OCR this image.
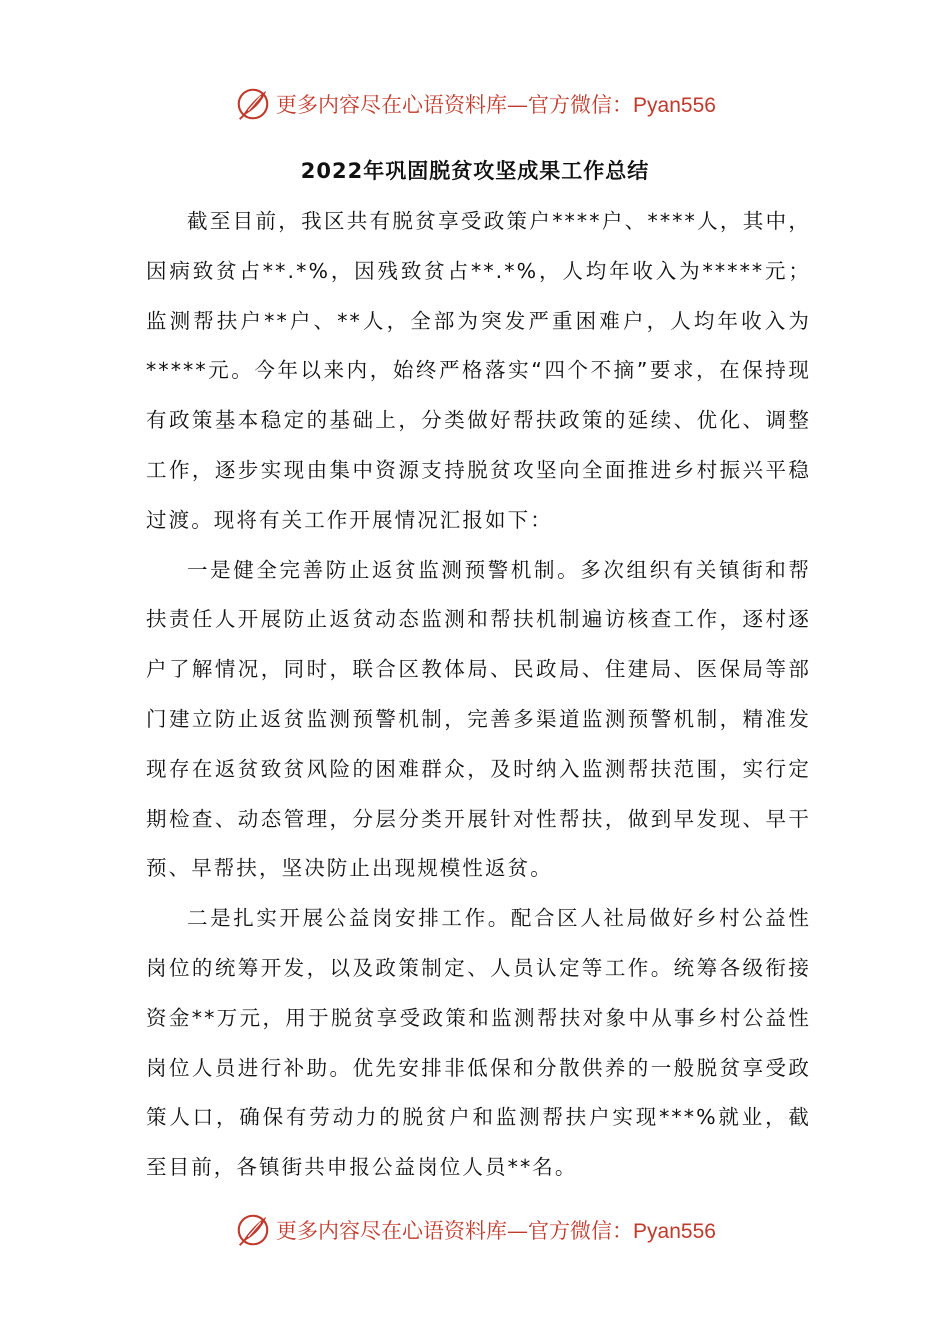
更多内容尽在心语资料库—官方微信：Pyan556
2022年巩固脱贫攻坚成果工作总结

截至目前，我区共有脱贫享受政策户****户、****人，其中，因病致贫占**.*%，因残致贫占**.*%，人均年收入为*****元；监测帮扶户**户、**人，全部为突发严重困难户，人均年收入为*****元。今年以来内，始终严格落实“四个不摘”要求，在保持现有政策基本稳定的基础上，分类做好帮扶政策的延续、优化、调整工作，逐步实现由集中资源支持脱贫攻坚向全面推进乡村振兴平稳过渡。现将有关工作开展情况汇报如下：

一是健全完善防止返贫监测预警机制。多次组织有关镇街和帮扶责任人开展防止返贫动态监测和帮扶机制遍访核查工作，逐村逐户了解情况，同时，联合区教体局、民政局、住建局、医保局等部门建立防止返贫监测预警机制，完善多渠道监测预警机制，精准发现存在返贫致贫风险的困难群众，及时纳入监测帮扶范围，实行定期检查、动态管理，分层分类开展针对性帮扶，做到早发现、早干预、早帮扶，坚决防止出现规模性返贫。

二是扎实开展公益岗安排工作。配合区人社局做好乡村公益性岗位的统筹开发，以及政策制定、人员认定等工作。统筹各级衔接资金**万元，用于脱贫享受政策和监测帮扶对象中从事乡村公益性岗位人员进行补助。优先安排非低保和分散供养的一般脱贫享受政策人口，确保有劳动力的脱贫户和监测帮扶户实现***%就业，截至目前，各镇街共申报公益岗位人员**名。

更多内容尽在心语资料库—官方微信：Pyan556
